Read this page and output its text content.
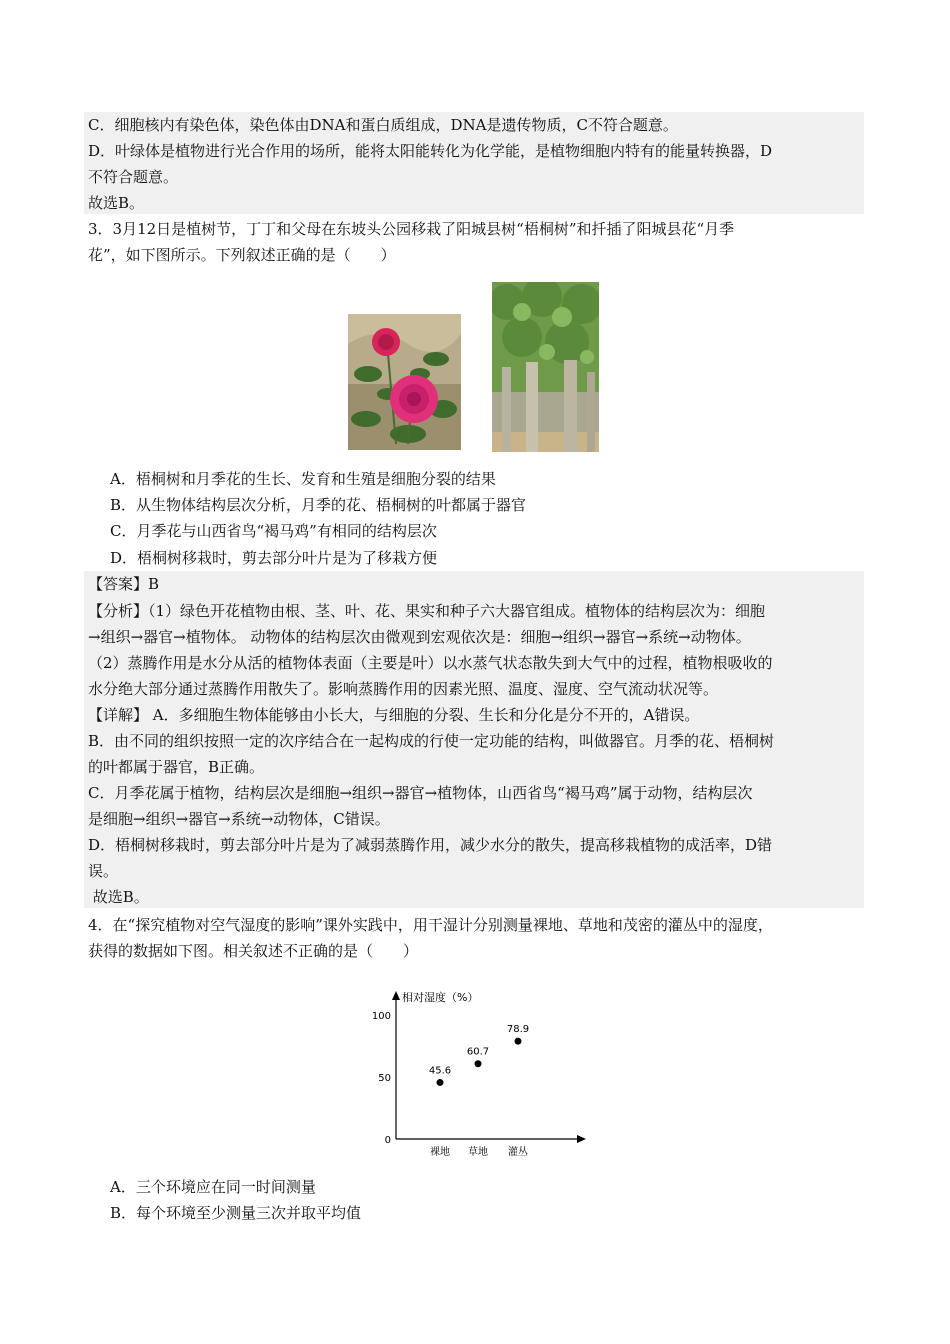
C．细胞核内有染色体，染色体由DNA和蛋白质组成，DNA是遗传物质，C不符合题意。
D．叶绿体是植物进行光合作用的场所，能将太阳能转化为化学能，是植物细胞内特有的能量转换器，D
不符合题意。
故选B。
3．3月12日是植树节，丁丁和父母在东坡头公园移栽了阳城县树“梧桐树”和扦插了阳城县花“月季
花”，如下图所示。下列叙述正确的是（　　）
A．梧桐树和月季花的生长、发育和生殖是细胞分裂的结果
B．从生物体结构层次分析，月季的花、梧桐树的叶都属于器官
C．月季花与山西省鸟“褐马鸡”有相同的结构层次
D．梧桐树移栽时，剪去部分叶片是为了移栽方便
【答案】B
【分析】（1）绿色开花植物由根、茎、叶、花、果实和种子六大器官组成。植物体的结构层次为：细胞
→组织→器官→植物体。 动物体的结构层次由微观到宏观依次是：细胞→组织→器官→系统→动物体。
（2）蒸腾作用是水分从活的植物体表面（主要是叶）以水蒸气状态散失到大气中的过程，植物根吸收的
水分绝大部分通过蒸腾作用散失了。影响蒸腾作用的因素光照、温度、湿度、空气流动状况等。
【详解】 A．多细胞生物体能够由小长大，与细胞的分裂、生长和分化是分不开的，A错误。
B．由不同的组织按照一定的次序结合在一起构成的行使一定功能的结构，叫做器官。月季的花、梧桐树
的叶都属于器官，B正确。
C．月季花属于植物，结构层次是细胞→组织→器官→植物体，山西省鸟“褐马鸡”属于动物，结构层次
是细胞→组织→器官→系统→动物体，C错误。
D．梧桐树移栽时，剪去部分叶片是为了减弱蒸腾作用，减少水分的散失，提高移栽植物的成活率，D错
误。
故选B。
4．在“探究植物对空气湿度的影响”课外实践中，用干湿计分别测量裸地、草地和茂密的灌丛中的湿度，
获得的数据如下图。相关叙述不正确的是（　　）
相对湿度（%）
0
50
100
裸地 草地 灌丛
45.6
60.7
78.9
A．三个环境应在同一时间测量
B．每个环境至少测量三次并取平均值
